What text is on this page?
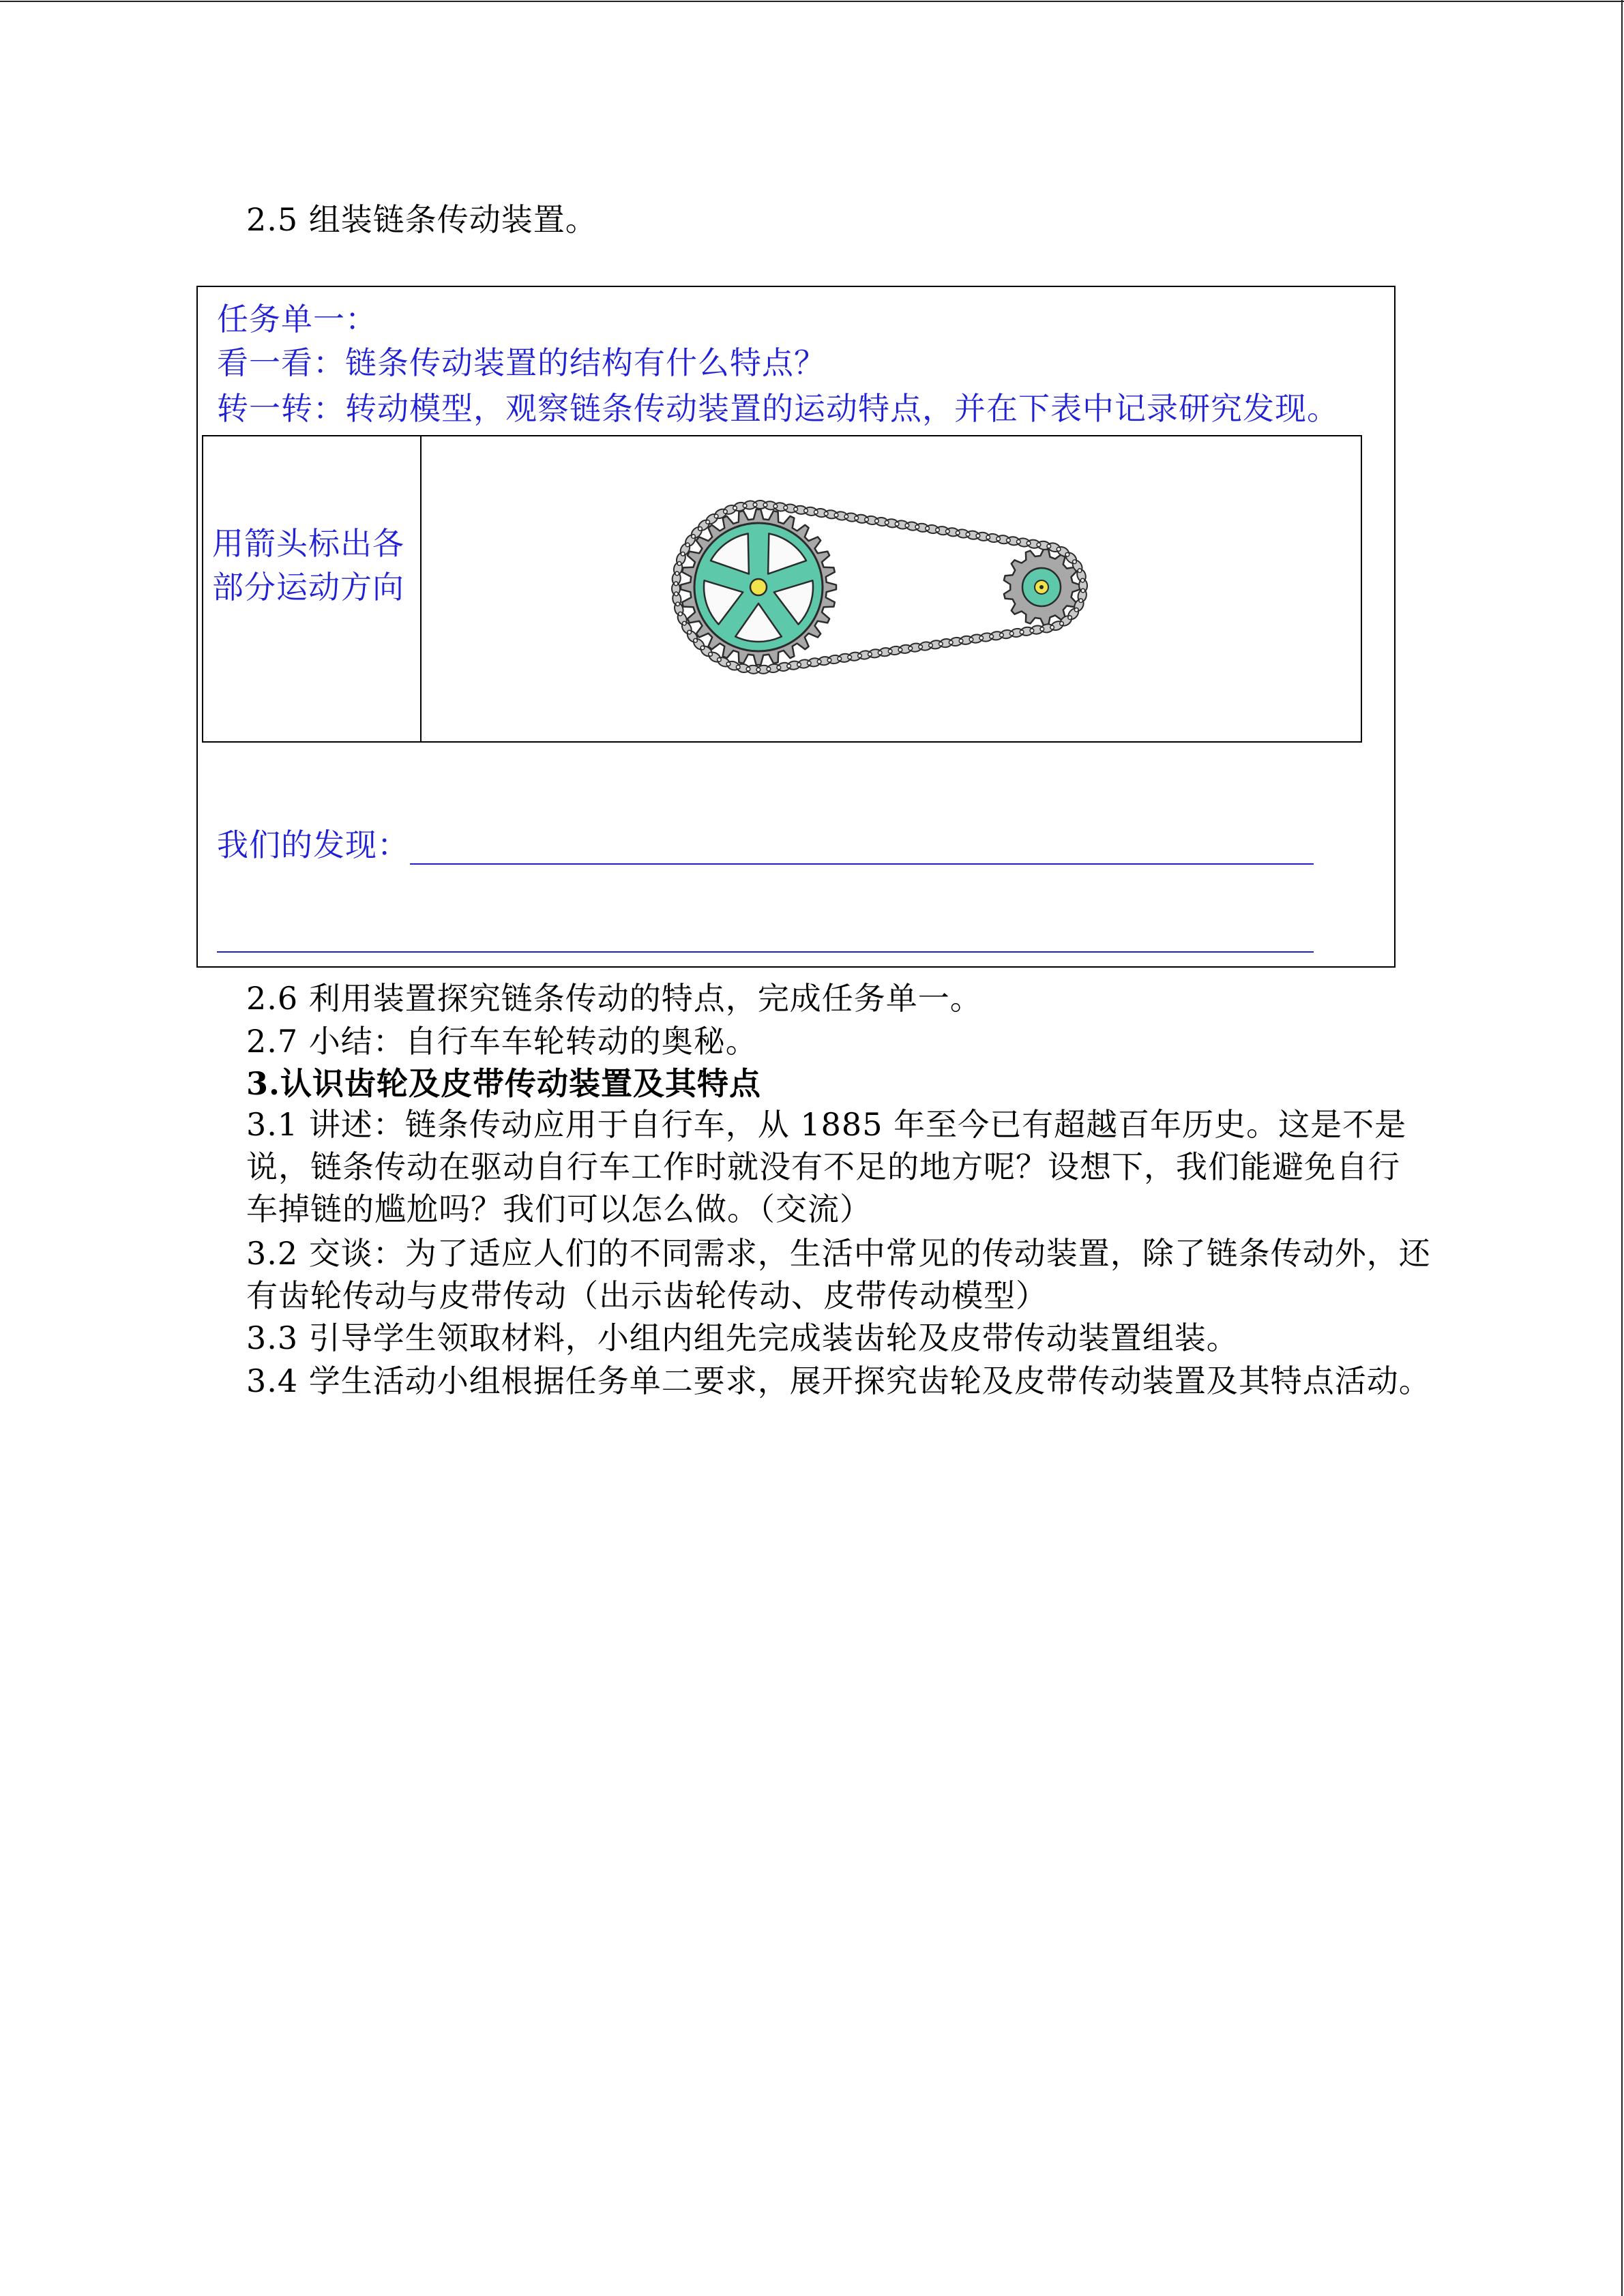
2.5 组装链条传动装置。
任务单一：
看一看：链条传动装置的结构有什么特点？
转一转：转动模型，观察链条传动装置的运动特点，并在下表中记录研究发现。
用箭头标出各
部分运动方向
我们的发现：
2.6 利用装置探究链条传动的特点，完成任务单一。
2.7 小结：自行车车轮转动的奥秘。
3.认识齿轮及皮带传动装置及其特点
3.1 讲述：链条传动应用于自行车，从 1885 年至今已有超越百年历史。这是不是
说，链条传动在驱动自行车工作时就没有不足的地方呢？设想下，我们能避免自行
车掉链的尴尬吗？我们可以怎么做。（交流）
3.2 交谈：为了适应人们的不同需求，生活中常见的传动装置，除了链条传动外，还
有齿轮传动与皮带传动（出示齿轮传动、皮带传动模型）
3.3 引导学生领取材料，小组内组先完成装齿轮及皮带传动装置组装。
3.4 学生活动小组根据任务单二要求，展开探究齿轮及皮带传动装置及其特点活动。
